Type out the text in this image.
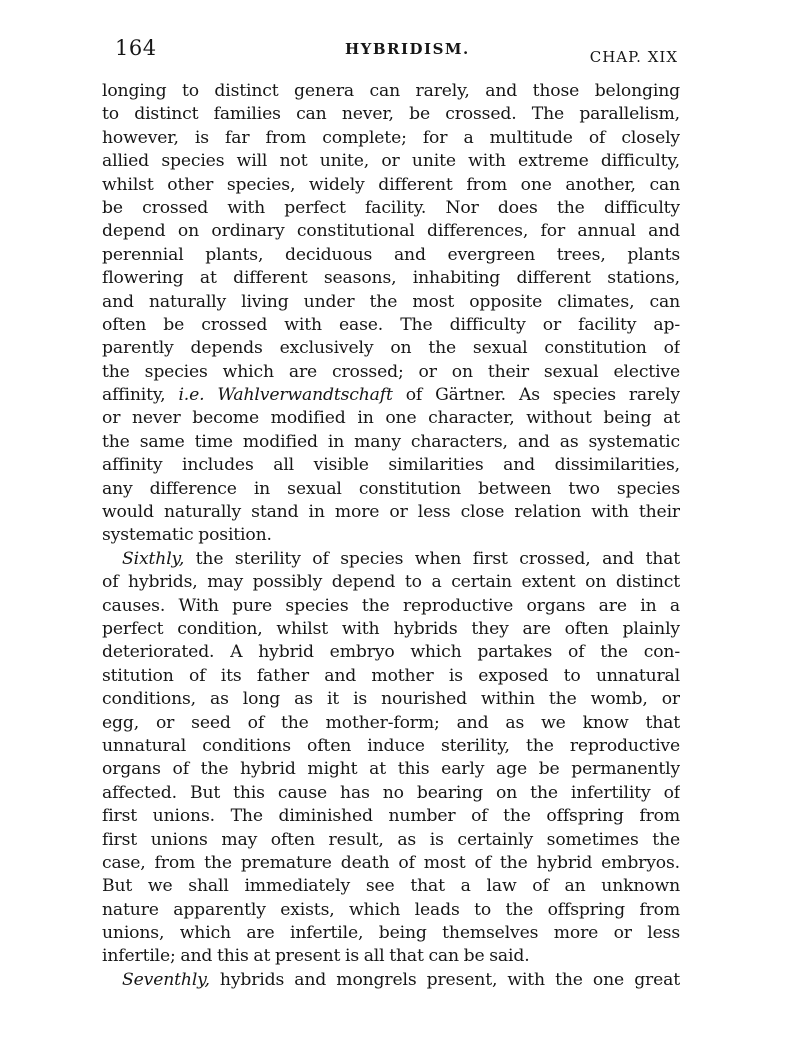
164	HYBRIDISM.	CHAP. XIX
longing to distinct genera can rarely, and those belonging
to distinct families can never, be crossed. The parallelism,
however, is far from complete; for a multitude of closely
allied species will not unite, or unite with extreme difficulty,
whilst other species, widely different from one another, can
be crossed with perfect facility. Nor does the difficulty
depend on ordinary constitutional differences, for annual and
perennial plants, deciduous and evergreen trees, plants
flowering at different seasons, inhabiting different stations,
and naturally living under the most opposite climates, can
often be crossed with ease. The difficulty or facility ap-
parently depends exclusively on the sexual constitution of
the species which are crossed; or on their sexual elective
affinity, i.e. Wahlverwandtschaft of Gärtner. As species rarely
or never become modified in one character, without being at
the same time modified in many characters, and as systematic
affinity includes all visible similarities and dissimilarities,
any difference in sexual constitution between two species
would naturally stand in more or less close relation with their
systematic position.
Sixthly, the sterility of species when first crossed, and that
of hybrids, may possibly depend to a certain extent on distinct
causes. With pure species the reproductive organs are in a
perfect condition, whilst with hybrids they are often plainly
deteriorated. A hybrid embryo which partakes of the con-
stitution of its father and mother is exposed to unnatural
conditions, as long as it is nourished within the womb, or
egg, or seed of the mother-form; and as we know that
unnatural conditions often induce sterility, the reproductive
organs of the hybrid might at this early age be permanently
affected. But this cause has no bearing on the infertility of
first unions. The diminished number of the offspring from
first unions may often result, as is certainly sometimes the
case, from the premature death of most of the hybrid embryos.
But we shall immediately see that a law of an unknown
nature apparently exists, which leads to the offspring from
unions, which are infertile, being themselves more or less
infertile; and this at present is all that can be said.
Seventhly, hybrids and mongrels present, with the one great
